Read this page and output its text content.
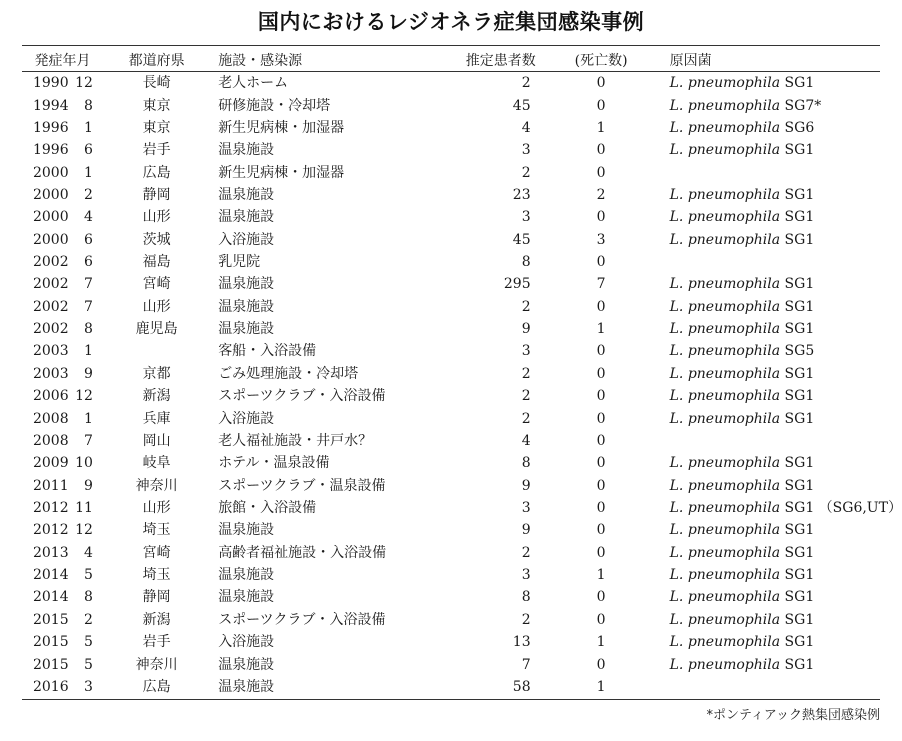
国内におけるレジオネラ症集団感染事例
発症年月	都道府県	施設・感染源	推定患者数	(死亡数)	原因菌
1990 12	長崎	老人ホーム	2	0	L. pneumophila SG1
1994 8	東京	研修施設・冷却塔	45	0	L. pneumophila SG7*
1996 1	東京	新生児病棟・加湿器	4	1	L. pneumophila SG6
1996 6	岩手	温泉施設	3	0	L. pneumophila SG1
2000 1	広島	新生児病棟・加湿器	2	0	
2000 2	静岡	温泉施設	23	2	L. pneumophila SG1
2000 4	山形	温泉施設	3	0	L. pneumophila SG1
2000 6	茨城	入浴施設	45	3	L. pneumophila SG1
2002 6	福島	乳児院	8	0	
2002 7	宮崎	温泉施設	295	7	L. pneumophila SG1
2002 7	山形	温泉施設	2	0	L. pneumophila SG1
2002 8	鹿児島	温泉施設	9	1	L. pneumophila SG1
2003 1		客船・入浴設備	3	0	L. pneumophila SG5
2003 9	京都	ごみ処理施設・冷却塔	2	0	L. pneumophila SG1
2006 12	新潟	スポーツクラブ・入浴設備	2	0	L. pneumophila SG1
2008 1	兵庫	入浴施設	2	0	L. pneumophila SG1
2008 7	岡山	老人福祉施設・井戸水？	4	0	
2009 10	岐阜	ホテル・温泉設備	8	0	L. pneumophila SG1
2011 9	神奈川	スポーツクラブ・温泉設備	9	0	L. pneumophila SG1
2012 11	山形	旅館・入浴設備	3	0	L. pneumophila SG1 （SG6,UT）
2012 12	埼玉	温泉施設	9	0	L. pneumophila SG1
2013 4	宮崎	高齢者福祉施設・入浴設備	2	0	L. pneumophila SG1
2014 5	埼玉	温泉施設	3	1	L. pneumophila SG1
2014 8	静岡	温泉施設	8	0	L. pneumophila SG1
2015 2	新潟	スポーツクラブ・入浴設備	2	0	L. pneumophila SG1
2015 5	岩手	入浴施設	13	1	L. pneumophila SG1
2015 5	神奈川	温泉施設	7	0	L. pneumophila SG1
2016 3	広島	温泉施設	58	1	
*ポンティアック熱集団感染例
